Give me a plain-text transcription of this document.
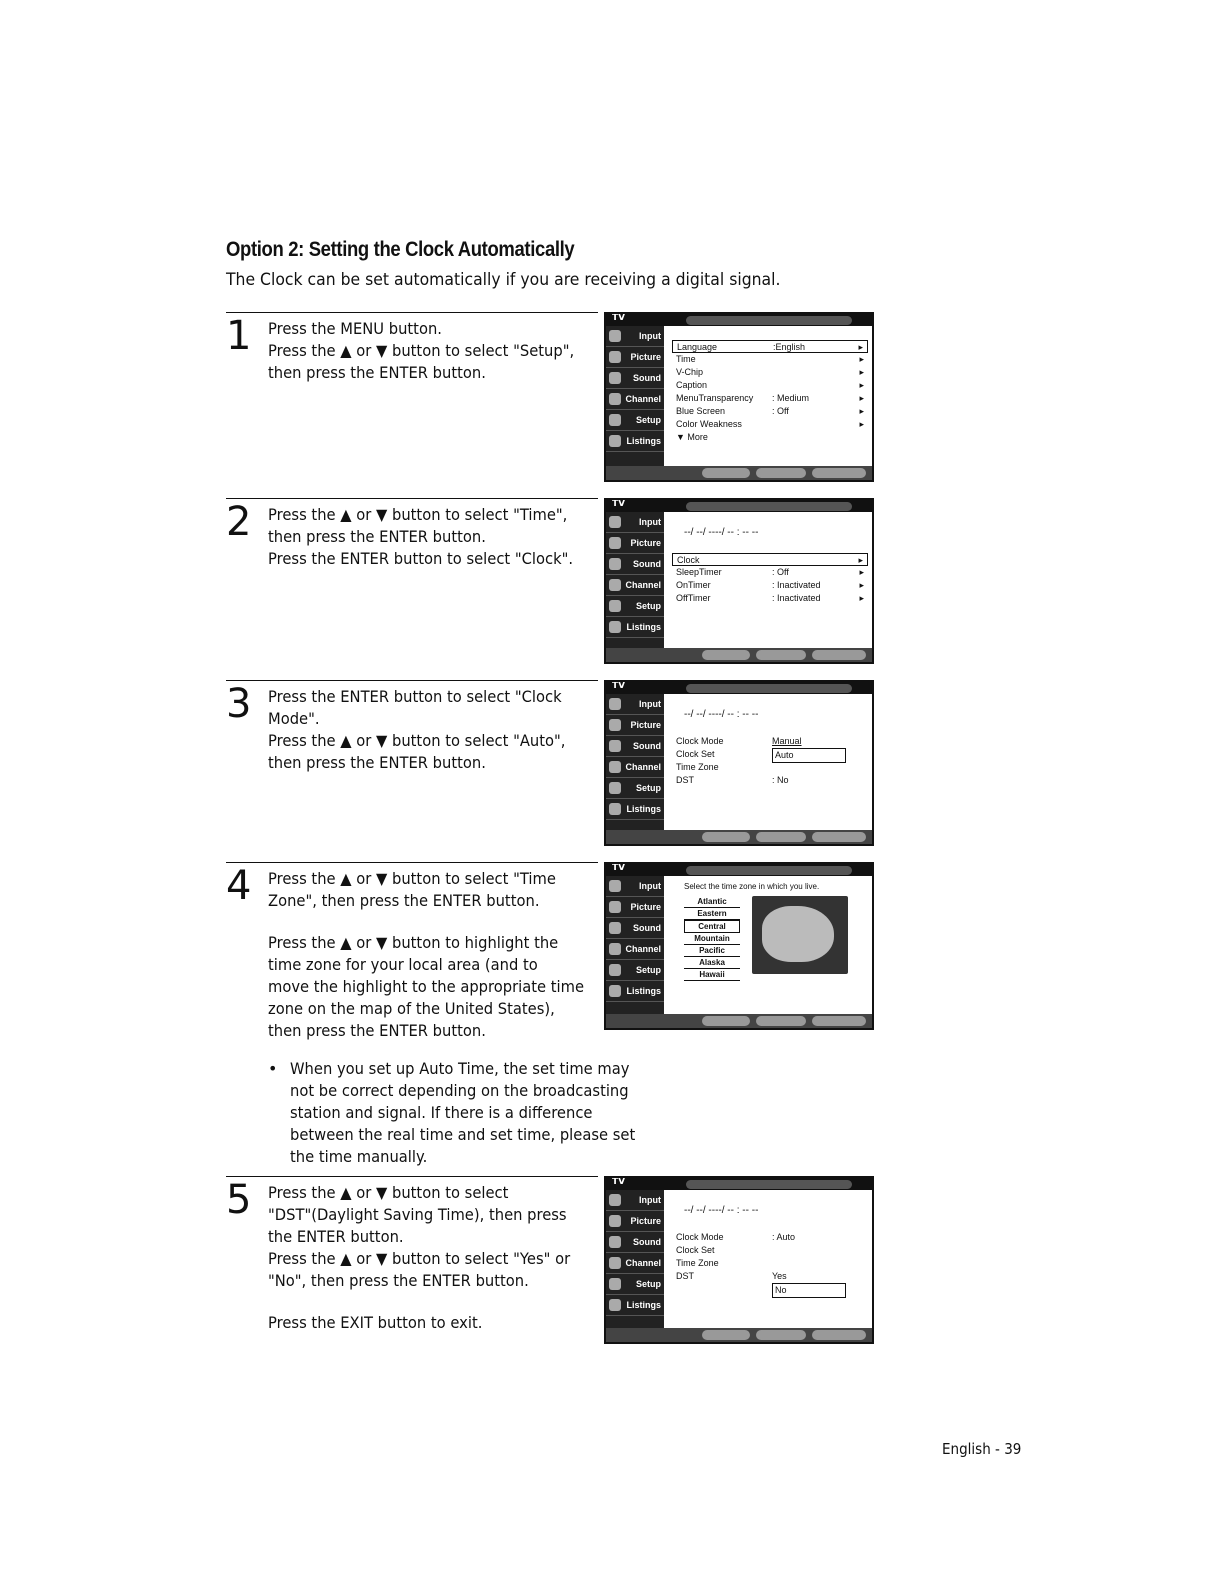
Option 2: Setting the Clock Automatically
The Clock can be set automatically if you are receiving a digital signal.
1 Press the MENU button.

Press the ▲ or ▼ button to select "Setup",

then press the ENTER button.

2 Press the ▲ or ▼ button to select "Time",

then press the ENTER button.

Press the ENTER button to select "Clock".

3 Press the ENTER button to select "Clock

Mode".

Press the ▲ or ▼ button to select "Auto",

then press the ENTER button.

4 Press the ▲ or ▼ button to select "Time

Zone", then press the ENTER button.

Press the ▲ or ▼ button to highlight the

time zone for your local area (and to

move the highlight to the appropriate time

zone on the map of the United States),

then press the ENTER button.

• When you set up Auto Time, the set time may

not be correct depending on the broadcasting

station and signal. If there is a difference

between the real time and set time, please set

the time manually.

5 Press the ▲ or ▼ button to select

"DST"(Daylight Saving Time), then press

the ENTER button.

Press the ▲ or ▼ button to select "Yes" or

"No", then press the ENTER button.

Press the EXIT button to exit.

TV
Input
Picture
Sound
Channel
Setup
Listings
Language	:English	▸
Time	▸
V-Chip	▸
Caption	▸
MenuTransparency : Medium	▸
Blue Screen	: Off	▸
Color Weakness	▸
▼ More
TV
Input
Picture
Sound
Channel
Setup
Listings
--/ --/ ----/ -- : -- --
Clock	▸
SleepTimer	: Off	▸
OnTimer	: Inactivated	▸
OffTimer	: Inactivated	▸
TV
Input
Picture
Sound
Channel
Setup
Listings
--/ --/ ----/ -- : -- --
Clock Mode	Manual
Clock Set	Auto
Time Zone
DST	: No
TV
Input
Picture
Sound
Channel
Setup
Listings
Select the time zone in which you live.
Atlantic
Eastern
Central
Mountain
Pacific
Alaska
Hawaii
TV
Input
Picture
Sound
Channel
Setup
Listings
--/ --/ ----/ -- : -- --
Clock Mode	: Auto
Clock Set
Time Zone
DST	Yes
No
English - 39
